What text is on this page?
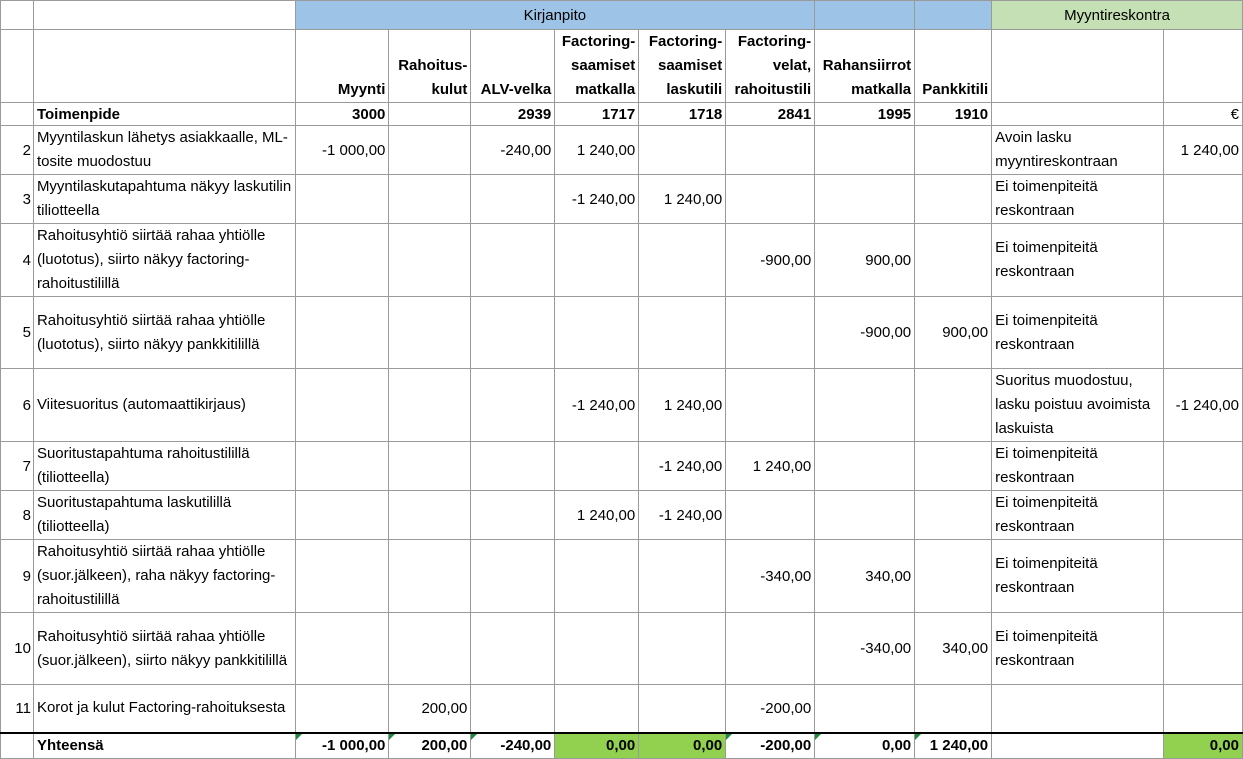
		Kirjanpito								Myyntireskontra	
		Myynti	Rahoitus-kulut	ALV-velka	Factoring-saamiset matkalla	Factoring-saamiset laskutili	Factoring-velat, rahoitustili	Rahansiirrot matkalla	Pankkitili		
	Toimenpide	3000		2939	1717	1718	2841	1995	1910		€
2	Myyntilaskun lähetys asiakkaalle, ML-tosite muodostuu	-1 000,00		-240,00	1 240,00					Avoin lasku myyntireskontraan	1 240,00
3	Myyntilaskutapahtuma näkyy laskutilin tiliotteella				-1 240,00	1 240,00				Ei toimenpiteitä reskontraan	
4	Rahoitusyhtiö siirtää rahaa yhtiölle (luototus), siirto näkyy factoring-rahoitustilillä						-900,00	900,00		Ei toimenpiteitä reskontraan	
5	Rahoitusyhtiö siirtää rahaa yhtiölle (luototus), siirto näkyy pankkitilillä							-900,00	900,00	Ei toimenpiteitä reskontraan	
6	Viitesuoritus (automaattikirjaus)				-1 240,00	1 240,00				Suoritus muodostuu, lasku poistuu avoimista laskuista	-1 240,00
7	Suoritustapahtuma rahoitustilillä (tiliotteella)					-1 240,00	1 240,00			Ei toimenpiteitä reskontraan	
8	Suoritustapahtuma laskutilillä (tiliotteella)				1 240,00	-1 240,00				Ei toimenpiteitä reskontraan	
9	Rahoitusyhtiö siirtää rahaa yhtiölle (suor.jälkeen), raha näkyy factoring-rahoitustilillä						-340,00	340,00		Ei toimenpiteitä reskontraan	
10	Rahoitusyhtiö siirtää rahaa yhtiölle (suor.jälkeen), siirto näkyy pankkitilillä							-340,00	340,00	Ei toimenpiteitä reskontraan	
11	Korot ja kulut Factoring-rahoituksesta		200,00				-200,00				
	Yhteensä	-1 000,00	200,00	-240,00	0,00	0,00	-200,00	0,00	1 240,00		0,00
